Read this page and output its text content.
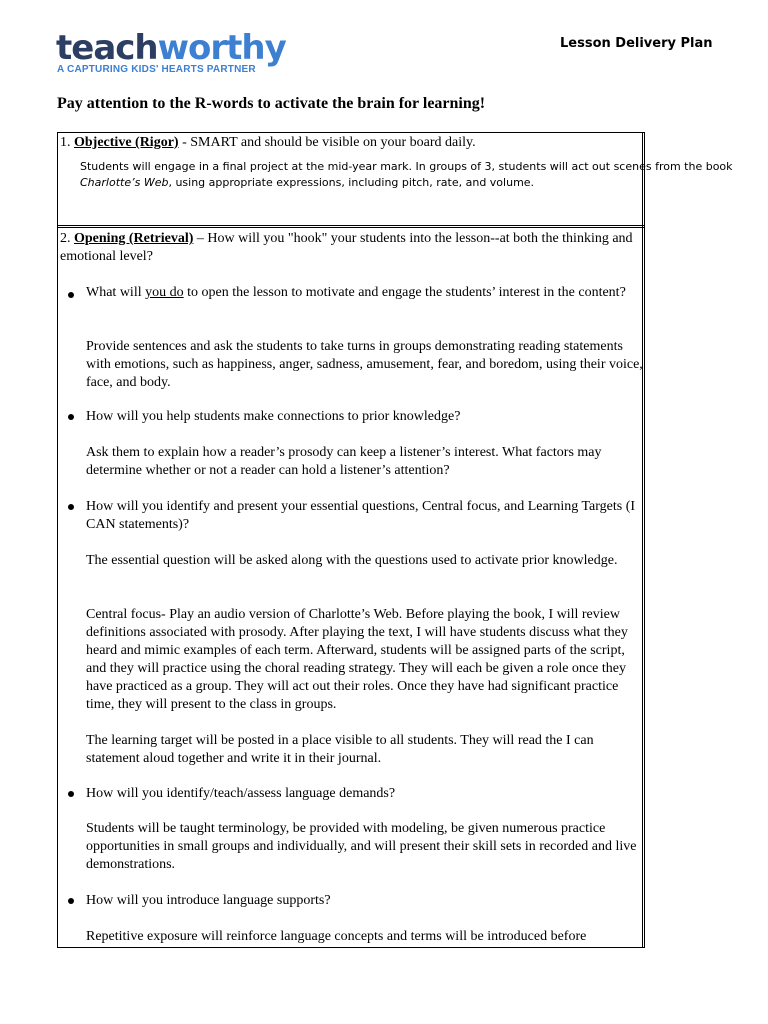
teachworthy
A CAPTURING KIDS' HEARTS PARTNER
Lesson Delivery Plan
Pay attention to the R-words to activate the brain for learning!
1. Objective (Rigor) - SMART and should be visible on your board daily.
Students will engage in a final project at the mid-year mark. In groups of 3, students will act out scenes from the book
Charlotte’s Web, using appropriate expressions, including pitch, rate, and volume.
2. Opening (Retrieval) – How will you "hook" your students into the lesson--at both the thinking and emotional level?
What will you do to open the lesson to motivate and engage the students’ interest in the content?
Provide sentences and ask the students to take turns in groups demonstrating reading statements with emotions, such as happiness, anger, sadness, amusement, fear, and boredom, using their voice, face, and body.
How will you help students make connections to prior knowledge?
Ask them to explain how a reader’s prosody can keep a listener’s interest. What factors may determine whether or not a reader can hold a listener’s attention?
How will you identify and present your essential questions, Central focus, and Learning Targets (I CAN statements)?
The essential question will be asked along with the questions used to activate prior knowledge.
Central focus- Play an audio version of Charlotte’s Web. Before playing the book, I will review definitions associated with prosody. After playing the text, I will have students discuss what they heard and mimic examples of each term. Afterward, students will be assigned parts of the script, and they will practice using the choral reading strategy. They will each be given a role once they have practiced as a group. They will act out their roles. Once they have had significant practice time, they will present to the class in groups.
The learning target will be posted in a place visible to all students. They will read the I can statement aloud together and write it in their journal.
How will you identify/teach/assess language demands?
Students will be taught terminology, be provided with modeling, be given numerous practice opportunities in small groups and individually, and will present their skill sets in recorded and live demonstrations.
How will you introduce language supports?
Repetitive exposure will reinforce language concepts and terms will be introduced before
